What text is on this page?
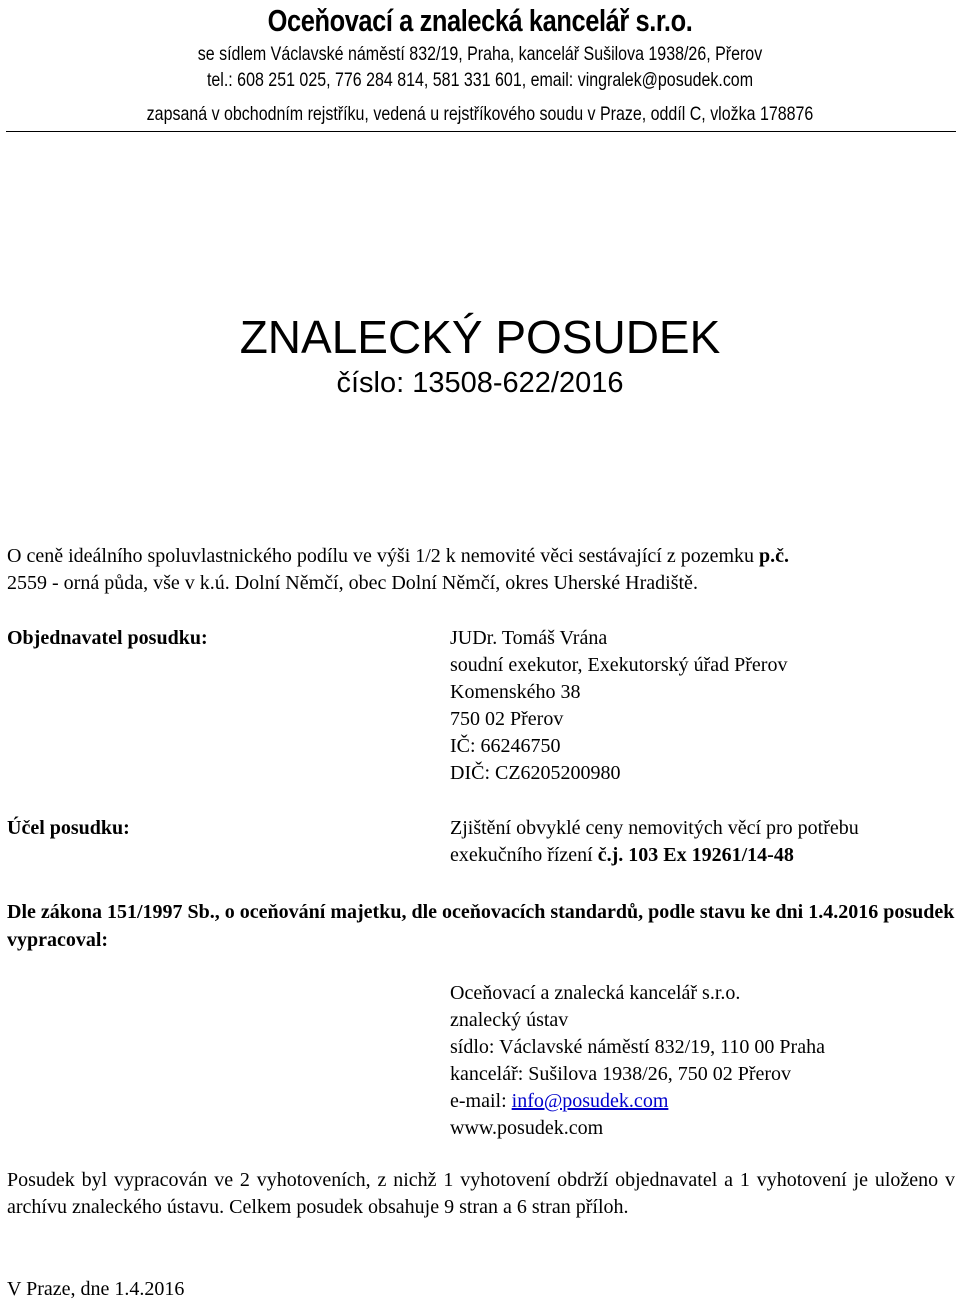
Oceňovací a znalecká kancelář s.r.o.
se sídlem Václavské náměstí 832/19, Praha, kancelář Sušilova 1938/26, Přerov
tel.: 608 251 025, 776 284 814, 581 331 601, email: vingralek@posudek.com
zapsaná v obchodním rejstříku, vedená u rejstříkového soudu v Praze, oddíl C, vložka 178876
ZNALECKÝ POSUDEK
číslo: 13508-622/2016
O ceně ideálního spoluvlastnického podílu ve výši 1/2 k nemovité věci sestávající z pozemku p.č.
2559 - orná půda, vše v k.ú. Dolní Němčí, obec Dolní Němčí, okres Uherské Hradiště.
Objednavatel posudku:	JUDr. Tomáš Vrána
soudní exekutor, Exekutorský úřad Přerov
Komenského 38
750 02 Přerov
IČ: 66246750
DIČ: CZ6205200980
Účel posudku:	Zjištění obvyklé ceny nemovitých věcí pro potřebu
exekučního řízení č.j. 103 Ex 19261/14-48
Dle zákona 151/1997 Sb., o oceňování majetku, dle oceňovacích standardů, podle stavu ke dni 1.4.2016 posudek vypracoval:
Oceňovací a znalecká kancelář s.r.o.
znalecký ústav
sídlo: Václavské náměstí 832/19, 110 00 Praha
kancelář: Sušilova 1938/26, 750 02 Přerov
e-mail: info@posudek.com
www.posudek.com
Posudek byl vypracován ve 2 vyhotoveních, z nichž 1 vyhotovení obdrží objednavatel a 1 vyhotovení je uloženo v archívu znaleckého ústavu. Celkem posudek obsahuje 9 stran a 6 stran příloh.
V Praze, dne 1.4.2016
